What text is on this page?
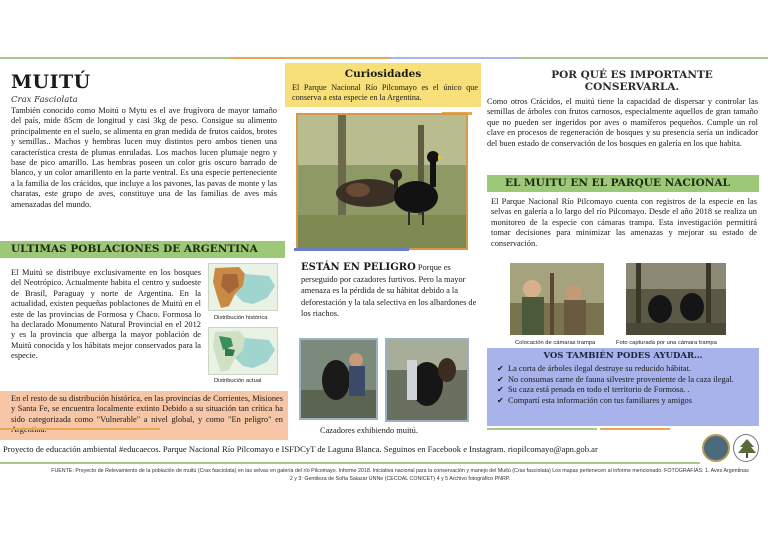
MUITÚ
Crax Fasciolata
También conocido como Moitú o Mytu es el ave frugívora de mayor tamaño del país, mide 85cm de longitud y casi 3kg de peso. Consigue su alimento principalmente en el suelo, se alimenta en gran medida de frutos caídos, brotes y semillas.. Machos y hembras lucen muy distintos pero ambos tienen una característica cresta de plumas enruladas. Los machos lucen plumaje negro y base de pico amarillo. Las hembras poseen un color gris oscuro barrado de blanco, y un color amarillento en la parte ventral. Es una especie perteneciente a la familia de los crácidos, que incluye a los pavones, las pavas de monte y las charatas, este grupo de aves, constituye una de las familias de aves más amenazadas del mundo.
ULTIMAS POBLACIONES DE ARGENTINA
El Muitú se distribuye exclusivamente en los bosques del Neotrópico. Actualmente habita el centro y sudoeste de Brasil, Paraguay y norte de Argentina. En la actualidad, existen pequeñas poblaciones de Muitú en el este de las provincias de Formosa y Chaco. Formosa lo ha declarado Monumento Natural Provincial en el 2012 y es la provincia que alberga la mayor población de Muitú conocida y los hábitats mejor conservados para la especie.
Distribución histórica
Distribución actual
En el resto de su distribución histórica, en las provincias de Corrientes, Misiones y Santa Fe, se encuentra localmente extinto Debido a su situación tan crítica ha sido categorizada como "Vulnerable" a nivel global, y como "En peligro" en
Curiosidades
El Parque Nacional Río Pilcomayo es el único que conserva a esta especie en la Argentina.
ESTÁN EN PELIGRO Porque es perseguido por cazadores furtivos. Pero la mayor amenaza es la pérdida de su hábitat debido a la deforestación y la tala selectiva en los albardones de los riachos.
Cazadores exhibiendo muitú.
POR QUÉ ES IMPORTANTE CONSERVARLA.
Como otros Crácidos, el muitú tiene la capacidad de dispersar y controlar las semillas de árboles con frutos carnosos, especialmente aquellos de gran tamaño que no pueden ser ingeridos por aves o mamíferos pequeños. Cumple un rol clave en procesos de regeneración de bosques y su presencia sería un indicador del buen estado de conservación de los bosques en galería en los que habita.
EL MUITU EN EL PARQUE NACIONAL
El Parque Nacional Río Pilcomayo cuenta con registros de la especie en las selvas en galería a lo largo del río Pilcomayo. Desde el año 2018 se realiza un monitoreo de la especie con cámaras trampa. Esta investigación permitirá tomar decisiones para minimizar las amenazas y mejorar su estado de conservación.
Colocación de cámaras trampa	Foto capturada por una cámara trampa
VOS TAMBIÉN PODES AYUDAR…
✔ La corta de árboles ilegal destruye su reducido hábitat.
✔ No consumas carne de fauna silvestre proveniente de la caza ilegal.
✔ Su caza está penada en todo el territorio de Formosa. .
✔ Compartí esta información con tus familiares y amigos
Proyecto de educación ambiental #educaecos. Parque Nacional Río Pilcomayo e ISFDCyT de Laguna Blanca. Seguinos en Facebook e Instagram. riopilcomayo@apn.gob.ar
FUENTE: Proyecto de Relevamiento de la población de muitú (Crax fasciolata) en las selvas en galería del río Pilcomayo. Informe 2018. Iniciativa nacional para la conservación y manejo del Muitú (Crax fasciolata) Los mapas pertenecen al informe mencionado. FOTOGRAFÍAS: 1. Aves Argentinas 2 y 3: Gentileza de Sofía Salazar UNNe (CECOAL CONICET) 4 y 5 Archivo fotográfico PNRP.
